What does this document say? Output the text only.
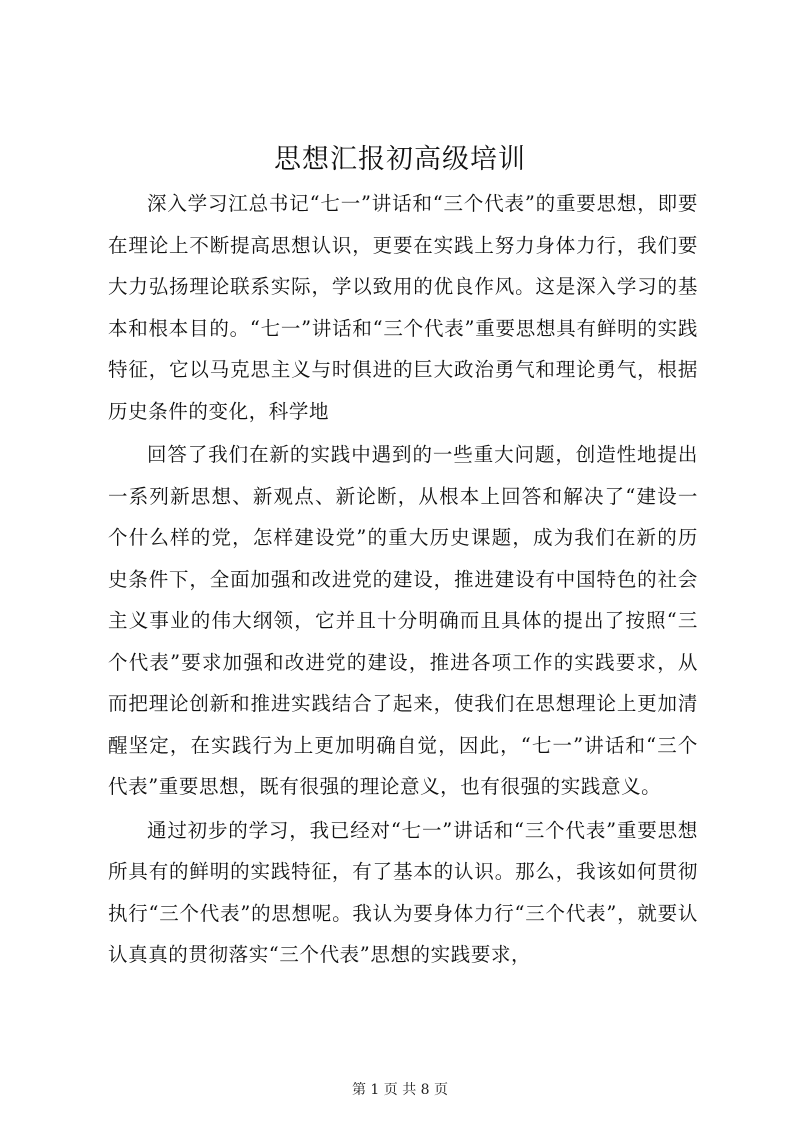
思想汇报初高级培训

深入学习江总书记“七一”讲话和“三个代表”的重要思想，即要在理论上不断提高思想认识，更要在实践上努力身体力行，我们要大力弘扬理论联系实际，学以致用的优良作风。这是深入学习的基本和根本目的。“七一”讲话和“三个代表”重要思想具有鲜明的实践特征，它以马克思主义与时俱进的巨大政治勇气和理论勇气，根据历史条件的变化，科学地

回答了我们在新的实践中遇到的一些重大问题，创造性地提出一系列新思想、新观点、新论断，从根本上回答和解决了“建设一个什么样的党，怎样建设党”的重大历史课题，成为我们在新的历史条件下，全面加强和改进党的建设，推进建设有中国特色的社会主义事业的伟大纲领，它并且十分明确而且具体的提出了按照“三个代表”要求加强和改进党的建设，推进各项工作的实践要求，从而把理论创新和推进实践结合了起来，使我们在思想理论上更加清醒坚定，在实践行为上更加明确自觉，因此，“七一”讲话和“三个代表”重要思想，既有很强的理论意义，也有很强的实践意义。

通过初步的学习，我已经对“七一”讲话和“三个代表”重要思想所具有的鲜明的实践特征，有了基本的认识。那么，我该如何贯彻执行“三个代表”的思想呢。我认为要身体力行“三个代表”，就要认认真真的贯彻落实“三个代表”思想的实践要求，

第 1 页 共 8 页
